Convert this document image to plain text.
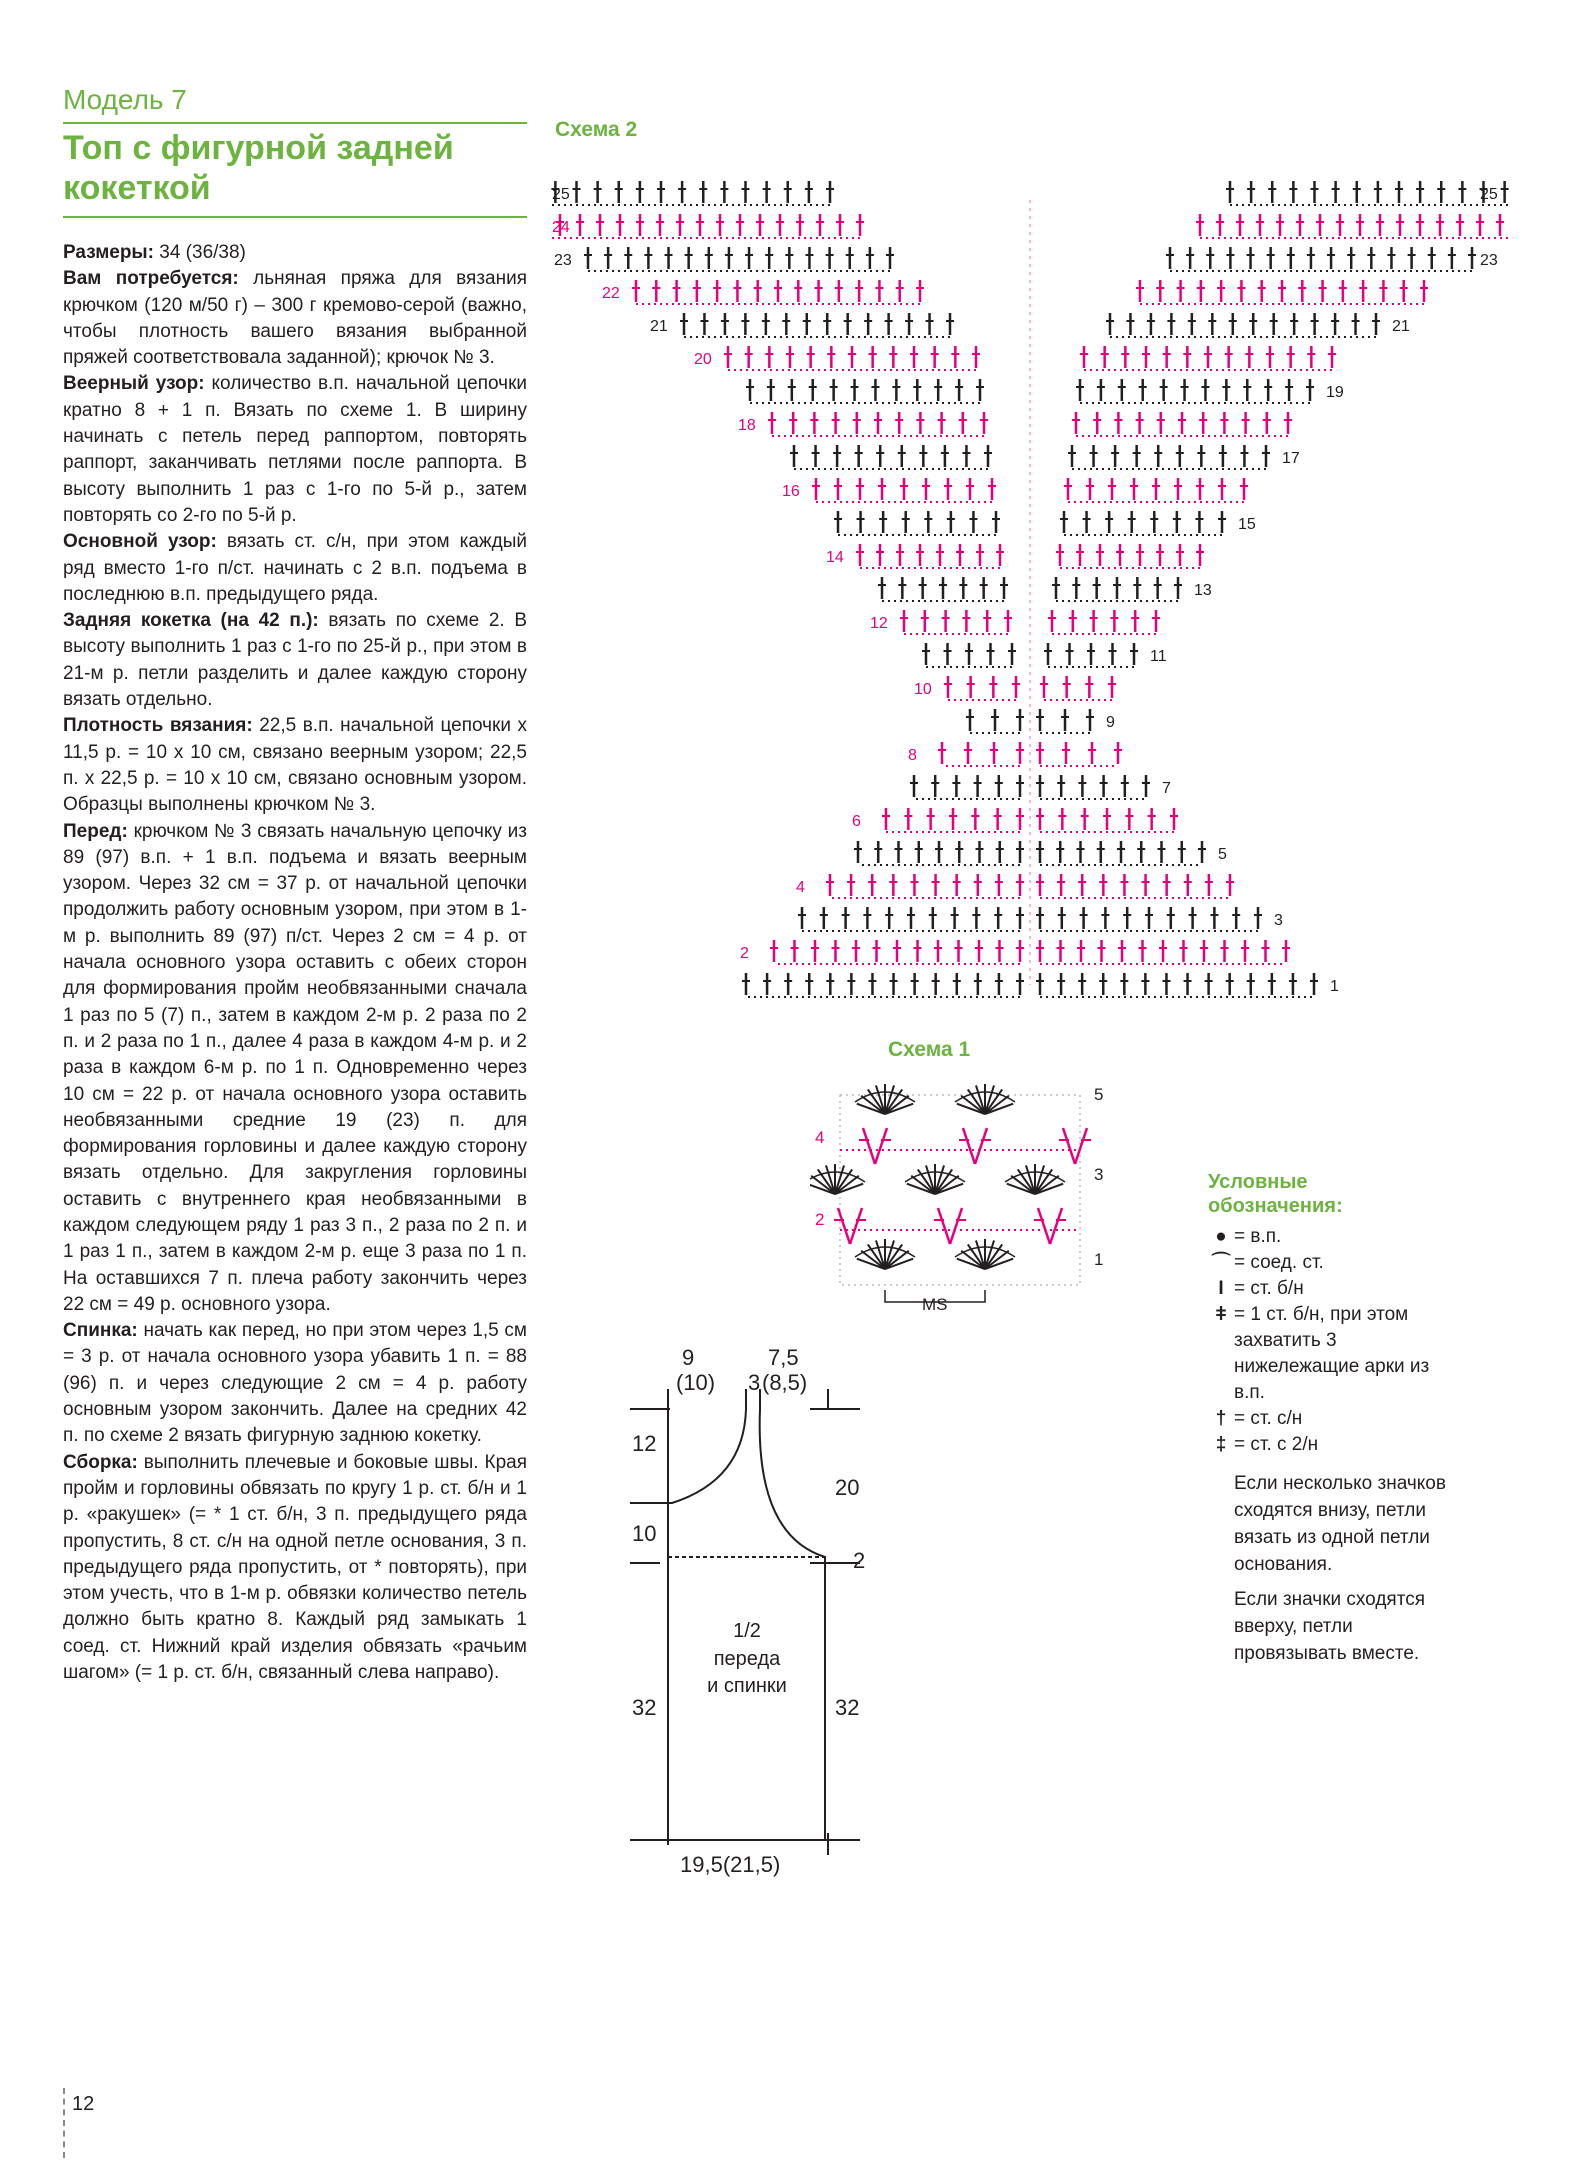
Модель 7
Топ с фигурной задней
кокеткой

Размеры: 34 (36/38)

Вам потребуется: льняная пряжа для вязания крючком (120 м/50 г) – 300 г кремово-серой (важно, чтобы плотность вашего вязания выбранной пряжей соответствовала заданной); крючок № 3.

Веерный узор: количество в.п. начальной цепочки кратно 8 + 1 п. Вязать по схеме 1. В ширину начинать с петель перед раппортом, повторять раппорт, заканчивать петлями после раппорта. В высоту выполнить 1 раз с 1-го по 5-й р., затем повторять со 2-го по 5-й р.

Основной узор: вязать ст. с/н, при этом каждый ряд вместо 1-го п/ст. начинать с 2 в.п. подъема в последнюю в.п. предыдущего ряда.

Задняя кокетка (на 42 п.): вязать по схеме 2. В высоту выполнить 1 раз с 1-го по 25-й р., при этом в 21-м р. петли разделить и далее каждую сторону вязать отдельно.

Плотность вязания: 22,5 в.п. начальной цепочки х 11,5 р. = 10 х 10 см, связано веерным узором; 22,5 п. х 22,5 р. = 10 х 10 см, связано основным узором. Образцы выполнены крючком № 3.

Перед: крючком № 3 связать начальную цепочку из 89 (97) в.п. + 1 в.п. подъема и вязать веерным узором. Через 32 см = 37 р. от начальной цепочки продолжить работу основным узором, при этом в 1-м р. выполнить 89 (97) п/ст. Через 2 см = 4 р. от начала основного узора оставить с обеих сторон для формирования пройм необвязанными сначала 1 раз по 5 (7) п., затем в каждом 2-м р. 2 раза по 2 п. и 2 раза по 1 п., далее 4 раза в каждом 4-м р. и 2 раза в каждом 6-м р. по 1 п. Одновременно через 10 см = 22 р. от начала основного узора оставить необвязанными средние 19 (23) п. для формирования горловины и далее каждую сторону вязать отдельно. Для закругления горловины оставить с внутреннего края необвязанными в каждом следующем ряду 1 раз 3 п., 2 раза по 2 п. и 1 раз 1 п., затем в каждом 2-м р. еще 3 раза по 1 п. На оставшихся 7 п. плеча работу закончить через 22 см = 49 р. основного узора.

Спинка: начать как перед, но при этом через 1,5 см = 3 р. от начала основного узора убавить 1 п. = 88 (96) п. и через следующие 2 см = 4 р. работу основным узором закончить. Далее на средних 42 п. по схеме 2 вязать фигурную заднюю кокетку.

Сборка: выполнить плечевые и боковые швы. Края пройм и горловины обвязать по кругу 1 р. ст. б/н и 1 р. «ракушек» (= * 1 ст. б/н, 3 п. предыдущего ряда пропустить, 8 ст. с/н на одной петле основания, 3 п. предыдущего ряда пропустить, от * повторять), при этом учесть, что в 1-м р. обвязки количество петель должно быть кратно 8. Каждый ряд замыкать 1 соед. ст. Нижний край изделия обвязать «рачьим шагом» (= 1 р. ст. б/н, связанный слева направо).

12
Схема 2
25
24
23
22
21
20
18
16
14
12
10
8
6
4
2
25
23
21
19
17
15
13
11
9
7
5
3
1
Схема 1
5
3
1
4
2
MS
9
(10) 3
7,5
(8,5)
12
10
32
20
2
32
19,5(21,5)
1/2
переда
и спинки
Условные
обозначения:
● = в.п.
⌒ = соед. ст.
I = ст. б/н
ǂ = 1 ст. б/н, при этом захватить 3 нижележащие арки из в.п.
† = ст. с/н
‡ = ст. с 2/н
Если несколько значков сходятся внизу, петли вязать из одной петли основания.
Если значки сходятся вверху, петли провязывать вместе.
